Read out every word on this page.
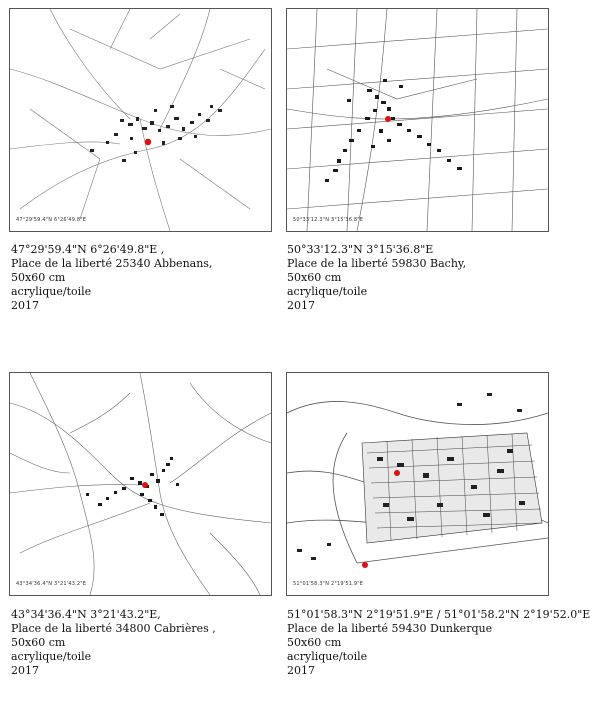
47°29'59.4"N 6°26'49.8"E
47°29'59.4"N 6°26'49.8"E ,
Place de la liberté 25340 Abbenans,
50x60 cm
acrylique/toile
2017
50°33'12.3"N 3°15'36.8"E
50°33'12.3"N 3°15'36.8"E
Place de la liberté 59830 Bachy,
50x60 cm
acrylique/toile
2017
43°34'36.4"N 3°21'43.2"E
43°34'36.4"N 3°21'43.2"E,
Place de la liberté 34800 Cabrières ,
50x60 cm
acrylique/toile
2017
51°01'58.3"N 2°19'51.9"E
51°01'58.3"N 2°19'51.9"E / 51°01'58.2"N 2°19'52.0"E
Place de la liberté 59430 Dunkerque
50x60 cm
acrylique/toile
2017
